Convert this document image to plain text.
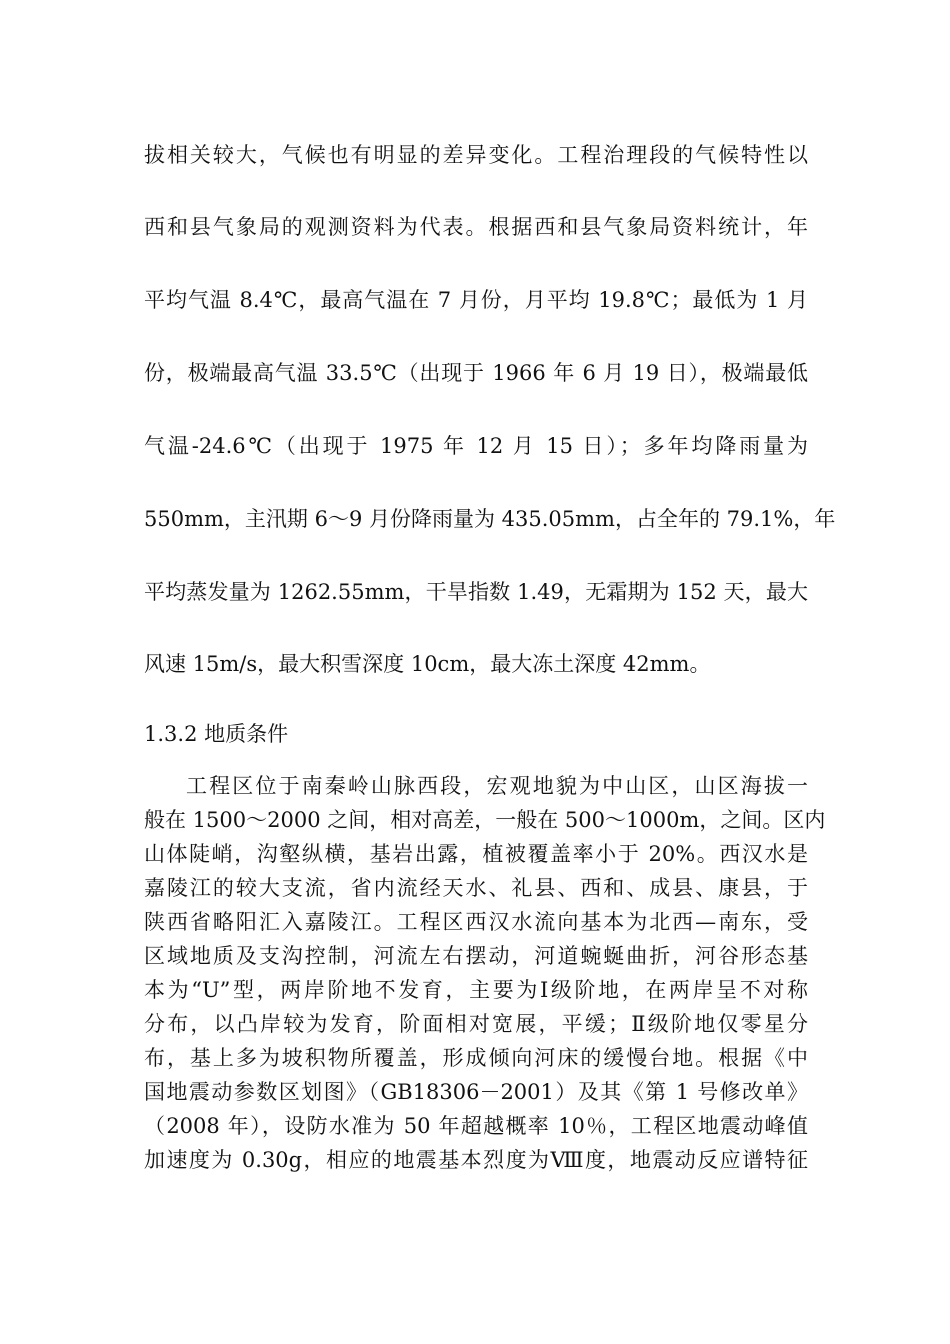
拔相关较大，气候也有明显的差异变化。工程治理段的气候特性以
西和县气象局的观测资料为代表。根据西和县气象局资料统计，年
平均气温 8.4℃，最高气温在 7 月份，月平均 19.8℃；最低为 1 月
份，极端最高气温 33.5℃（出现于 1966 年 6 月 19 日），极端最低
气温-24.6℃（出现于 1975 年 12 月 15 日）；多年均降雨量为
550mm，主汛期 6～9 月份降雨量为 435.05mm，占全年的 79.1%，年
平均蒸发量为 1262.55mm，干旱指数 1.49，无霜期为 152 天，最大
风速 15m/s，最大积雪深度 10cm，最大冻土深度 42mm。
1.3.2 地质条件
工程区位于南秦岭山脉西段，宏观地貌为中山区，山区海拔一
般在 1500～2000 之间，相对高差，一般在 500～1000m，之间。区内
山体陡峭，沟壑纵横，基岩出露，植被覆盖率小于 20%。西汉水是
嘉陵江的较大支流，省内流经天水、礼县、西和、成县、康县，于
陕西省略阳汇入嘉陵江。工程区西汉水流向基本为北西—南东，受
区域地质及支沟控制，河流左右摆动，河道蜿蜒曲折，河谷形态基
本为“U”型，两岸阶地不发育，主要为Ⅰ级阶地，在两岸呈不对称
分布，以凸岸较为发育，阶面相对宽展，平缓；Ⅱ级阶地仅零星分
布，基上多为坡积物所覆盖，形成倾向河床的缓慢台地。根据《中
国地震动参数区划图》（GB18306－2001）及其《第 1 号修改单》
（2008 年），设防水准为 50 年超越概率 10％，工程区地震动峰值
加速度为 0.30g，相应的地震基本烈度为Ⅷ度，地震动反应谱特征
